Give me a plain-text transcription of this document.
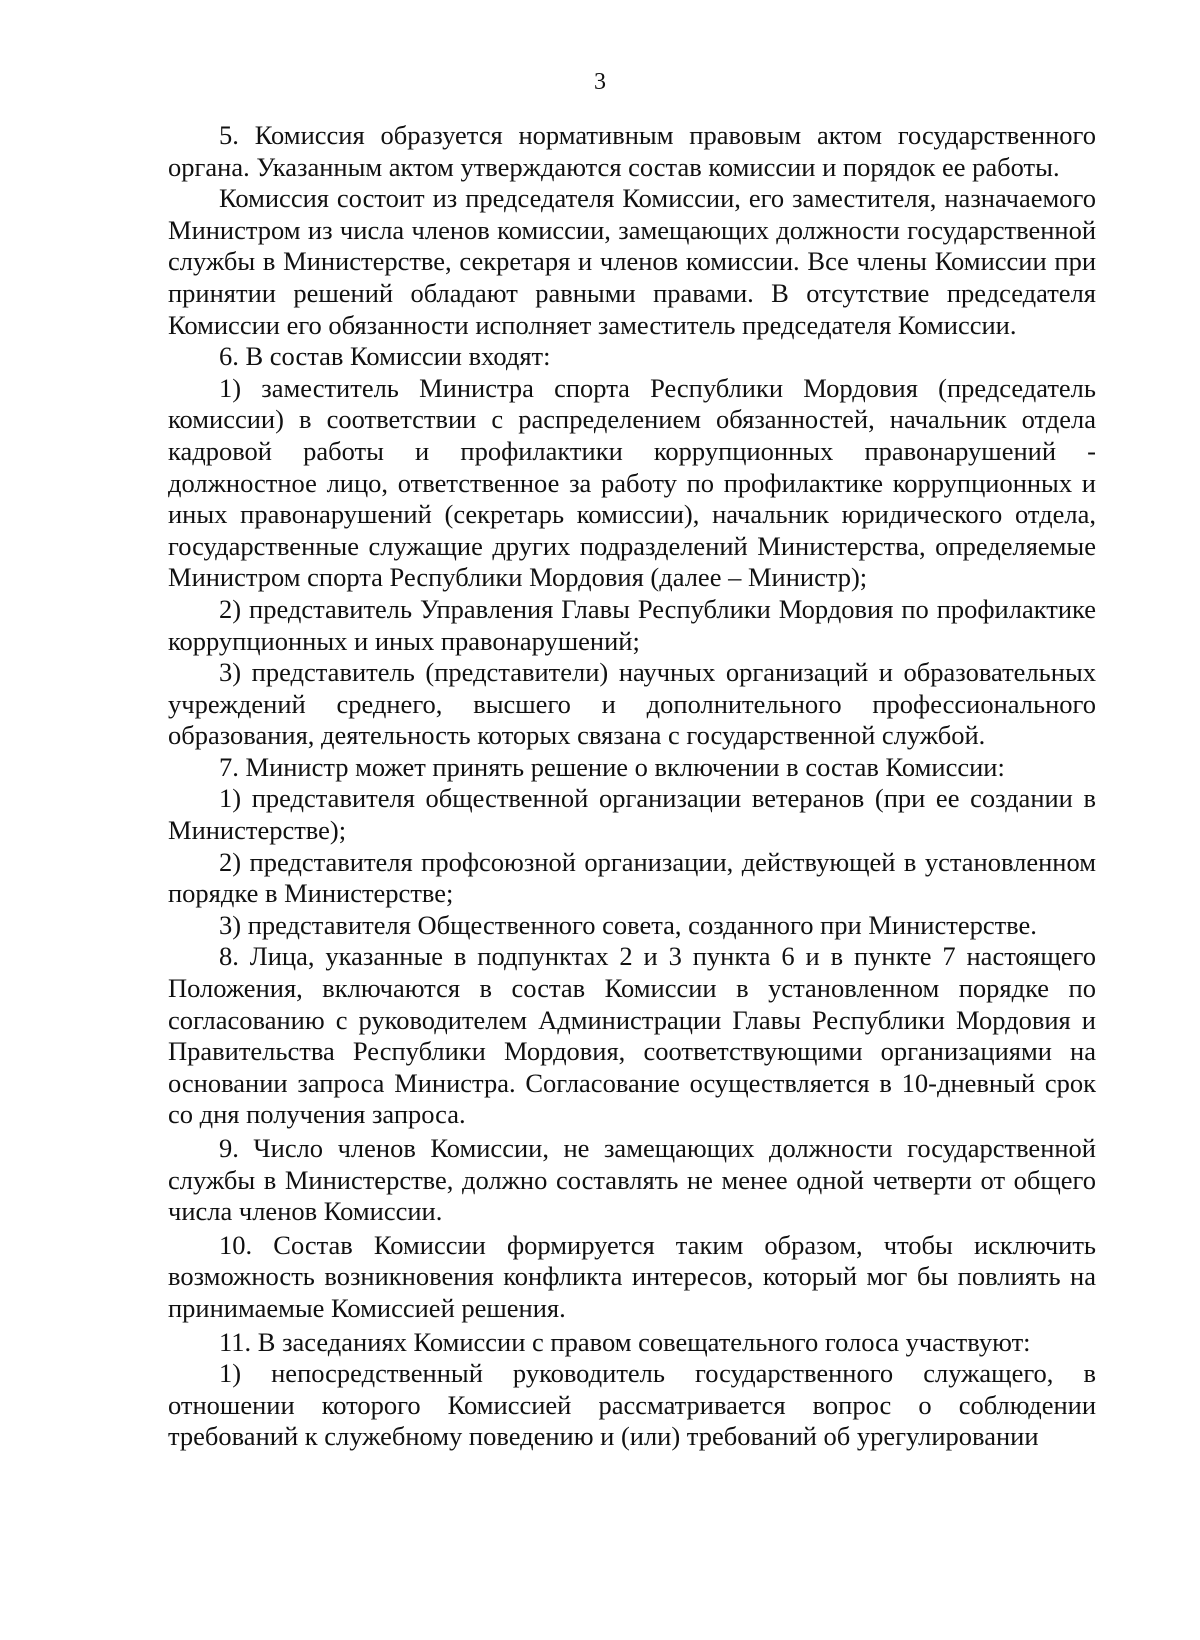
3

5. Комиссия образуется нормативным правовым актом государственного органа. Указанным актом утверждаются состав комиссии и порядок ее работы.

Комиссия состоит из председателя Комиссии, его заместителя, назначаемого Министром из числа членов комиссии, замещающих должности государственной службы в Министерстве, секретаря и членов комиссии. Все члены Комиссии при принятии решений обладают равными правами. В отсутствие председателя Комиссии его обязанности исполняет заместитель председателя Комиссии.

6. В состав Комиссии входят:

1) заместитель Министра спорта Республики Мордовия (председатель комиссии) в соответствии с распределением обязанностей, начальник отдела кадровой работы и профилактики коррупционных правонарушений - должностное лицо, ответственное за работу по профилактике коррупционных и иных правонарушений (секретарь комиссии), начальник юридического отдела, государственные служащие других подразделений Министерства, определяемые Министром спорта Республики Мордовия (далее – Министр);

2) представитель Управления Главы Республики Мордовия по профилактике коррупционных и иных правонарушений;

3) представитель (представители) научных организаций и образовательных учреждений среднего, высшего и дополнительного профессионального образования, деятельность которых связана с государственной службой.

7. Министр может принять решение о включении в состав Комиссии:

1) представителя общественной организации ветеранов (при ее создании в Министерстве);

2) представителя профсоюзной организации, действующей в установленном порядке в Министерстве;

3) представителя Общественного совета, созданного при Министерстве.

8. Лица, указанные в подпунктах 2 и 3 пункта 6 и в пункте 7 настоящего Положения, включаются в состав Комиссии в установленном порядке по согласованию с руководителем Администрации Главы Республики Мордовия и Правительства Республики Мордовия, соответствующими организациями на основании запроса Министра. Согласование осуществляется в 10-дневный срок со дня получения запроса.

9. Число членов Комиссии, не замещающих должности государственной службы в Министерстве, должно составлять не менее одной четверти от общего числа членов Комиссии.

10. Состав Комиссии формируется таким образом, чтобы исключить возможность возникновения конфликта интересов, который мог бы повлиять на принимаемые Комиссией решения.

11. В заседаниях Комиссии с правом совещательного голоса участвуют:

1) непосредственный руководитель государственного служащего, в отношении которого Комиссией рассматривается вопрос о соблюдении требований к служебному поведению и (или) требований об урегулировании
